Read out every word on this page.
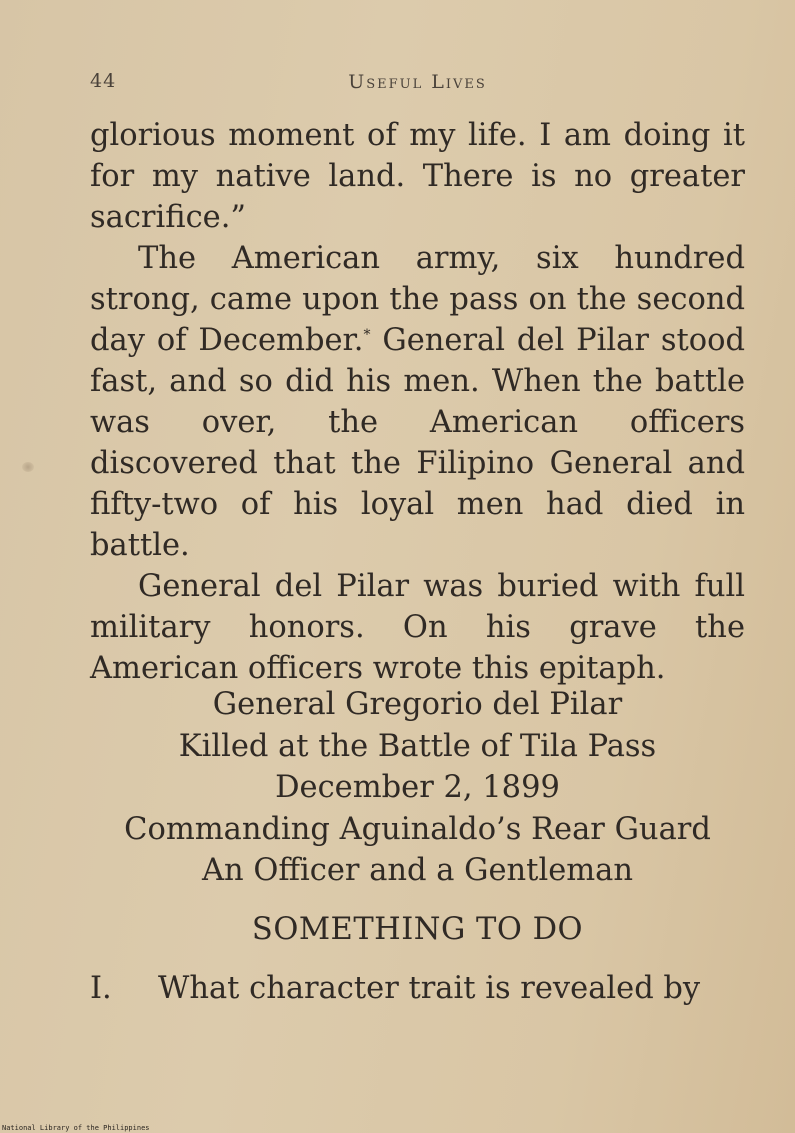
44	Useful Lives

glorious moment of my life. I am doing it for my native land. There is no greater sacrifice.”

The American army, six hundred strong, came upon the pass on the second day of December.* General del Pilar stood fast, and so did his men. When the battle was over, the American officers discovered that the Filipino General and fifty-two of his loyal men had died in battle.

General del Pilar was buried with full military honors. On his grave the American officers wrote this epitaph.

General Gregorio del Pilar
Killed at the Battle of Tila Pass
December 2, 1899
Commanding Aguinaldo’s Rear Guard
An Officer and a Gentleman
SOMETHING TO DO
I. What character trait is revealed by
National Library of the Philippines
